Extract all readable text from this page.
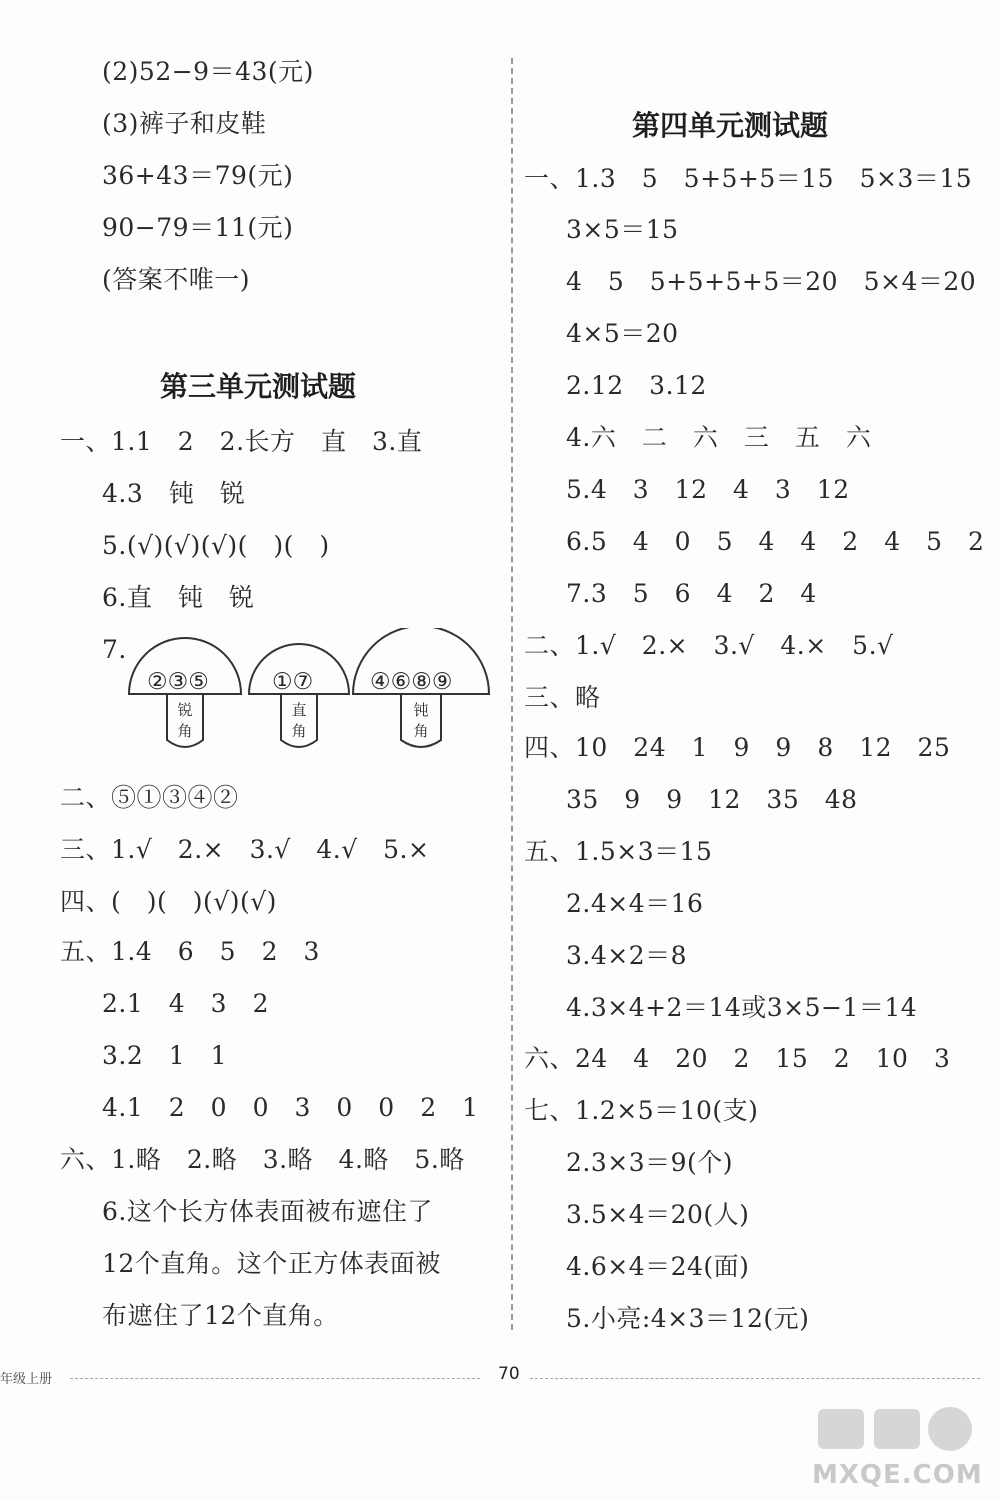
(2)52−9＝43(元)
(3)裤子和皮鞋
36+43＝79(元)
90−79＝11(元)
(答案不唯一)
第三单元测试题
一、1.1　2　2.长方　直　3.直
4.3　钝　锐
5.(√)(√)(√)(　)(　)
6.直　钝　锐
7.
②③⑤
锐
角
①⑦
直
角
④⑥⑧⑨
钝
角
二、⑤①③④②
三、1.√　2.×　3.√　4.√　5.×
四、(　)(　)(√)(√)
五、1.4　6　5　2　3
2.1　4　3　2
3.2　1　1
4.1　2　0　0　3　0　0　2　1
六、1.略　2.略　3.略　4.略　5.略
6.这个长方体表面被布遮住了
12个直角。这个正方体表面被
布遮住了12个直角。
第四单元测试题
一、1.3　5　5+5+5＝15　5×3＝15
3×5＝15
4　5　5+5+5+5＝20　5×4＝20
4×5＝20
2.12　3.12
4.六　二　六　三　五　六
5.4　3　12　4　3　12
6.5　4　0　5　4　4　2　4　5　2
7.3　5　6　4　2　4
二、1.√　2.×　3.√　4.×　5.√
三、略
四、10　24　1　9　9　8　12　25
35　9　9　12　35　48
五、1.5×3＝15
2.4×4＝16
3.4×2＝8
4.3×4+2＝14或3×5−1＝14
六、24　4　20　2　15　2　10　3
七、1.2×5＝10(支)
2.3×3＝9(个)
3.5×4＝20(人)
4.6×4＝24(面)
5.小亮:4×3＝12(元)
年级上册	70
MXQE.COM
